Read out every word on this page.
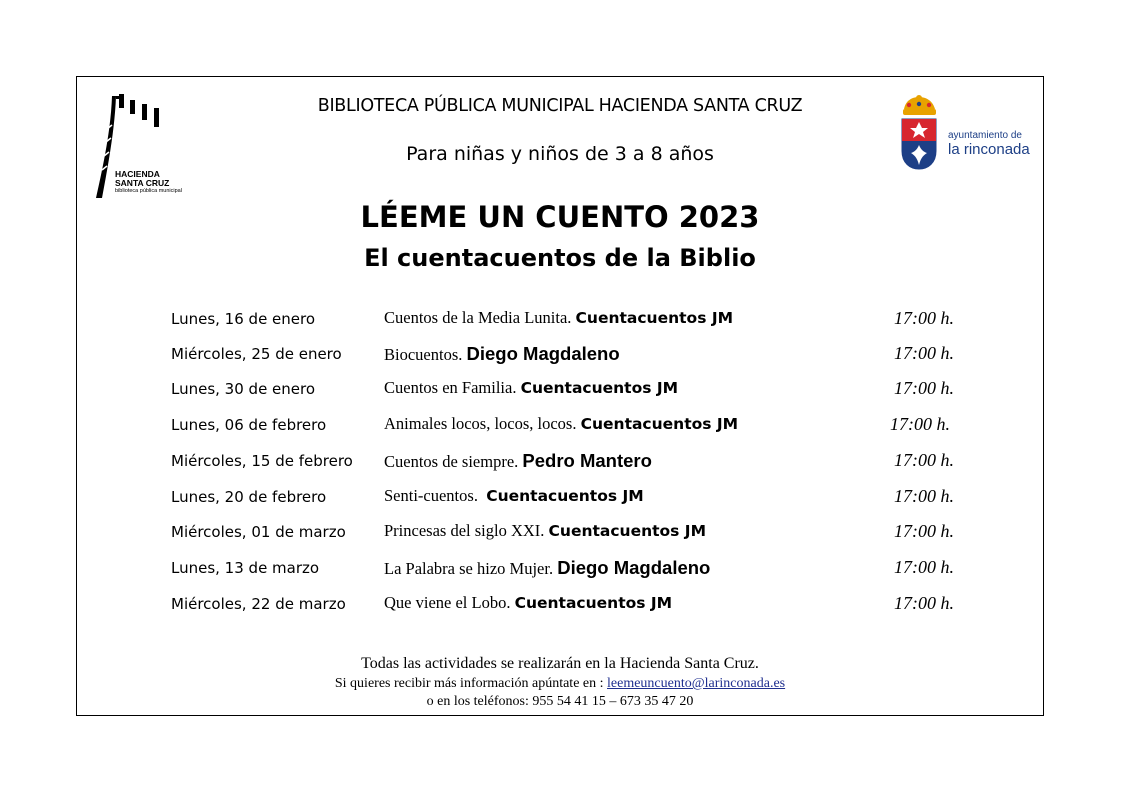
HACIENDA
SANTA CRUZ
biblioteca pública municipal
ayuntamiento de
la rinconada
BIBLIOTECA PÚBLICA MUNICIPAL HACIENDA SANTA CRUZ
Para niñas y niños de 3 a 8 años
LÉEME UN CUENTO 2023
El cuentacuentos de la Biblio
Lunes, 16 de enero	Cuentos de la Media Lunita. Cuentacuentos JM	17:00 h.
Miércoles, 25 de enero	Biocuentos. Diego Magdaleno	17:00 h.
Lunes, 30 de enero	Cuentos en Familia. Cuentacuentos JM	17:00 h.
Lunes, 06 de febrero	Animales locos, locos, locos. Cuentacuentos JM	17:00 h.
Miércoles, 15 de febrero Cuentos de siempre. Pedro Mantero	17:00 h.
Lunes, 20 de febrero	Senti-cuentos. Cuentacuentos JM	17:00 h.
Miércoles, 01 de marzo Princesas del siglo XXI. Cuentacuentos JM	17:00 h.
Lunes, 13 de marzo	La Palabra se hizo Mujer. Diego Magdaleno	17:00 h.
Miércoles, 22 de marzo Que viene el Lobo. Cuentacuentos JM	17:00 h.
Todas las actividades se realizarán en la Hacienda Santa Cruz.
Si quieres recibir más información apúntate en : leemeuncuento@larinconada.es
o en los teléfonos: 955 54 41 15 – 673 35 47 20
